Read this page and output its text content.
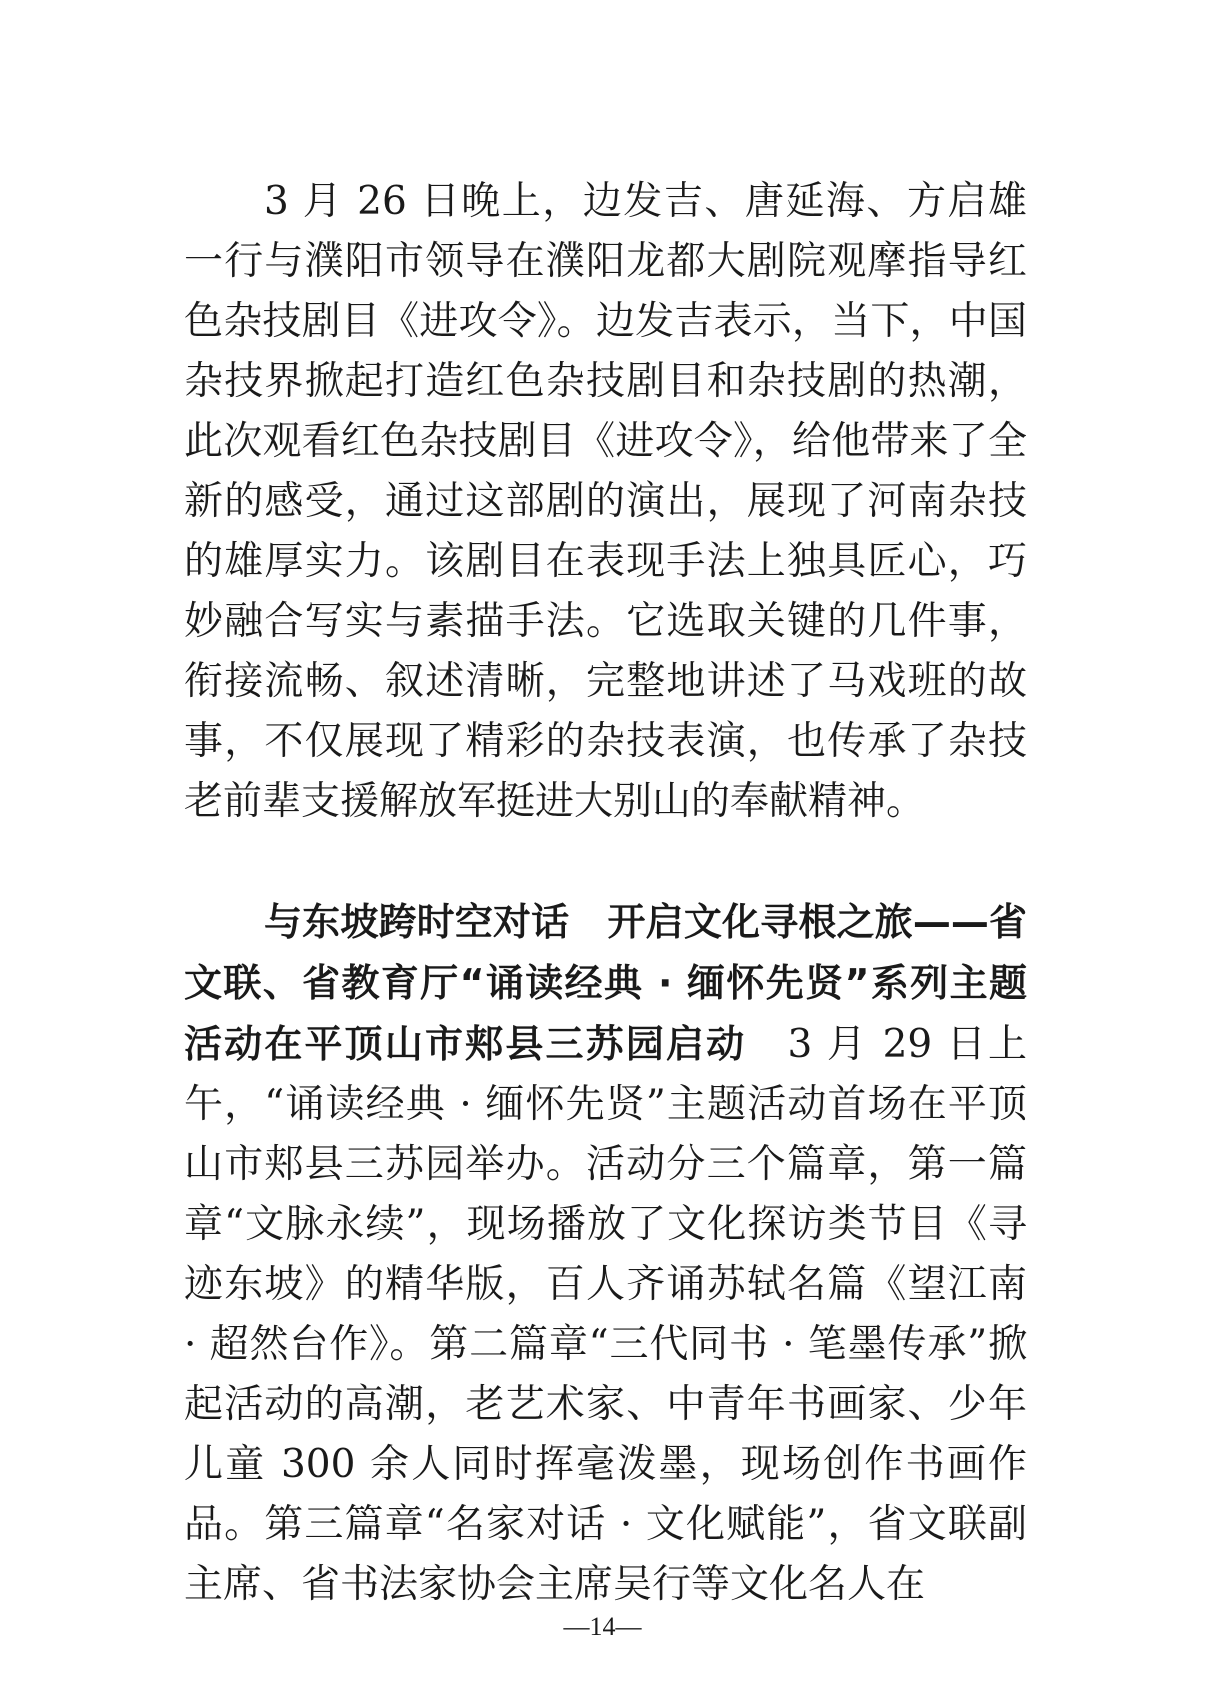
3 月 26 日晚上，边发吉、唐延海、方启雄一行与濮阳市领导在濮阳龙都大剧院观摩指导红色杂技剧目《进攻令》。边发吉表示，当下，中国杂技界掀起打造红色杂技剧目和杂技剧的热潮，此次观看红色杂技剧目《进攻令》，给他带来了全新的感受，通过这部剧的演出，展现了河南杂技的雄厚实力。该剧目在表现手法上独具匠心，巧妙融合写实与素描手法。它选取关键的几件事，衔接流畅、叙述清晰，完整地讲述了马戏班的故事，不仅展现了精彩的杂技表演，也传承了杂技老前辈支援解放军挺进大别山的奉献精神。

与东坡跨时空对话　开启文化寻根之旅——省文联、省教育厅“诵读经典 · 缅怀先贤”系列主题活动在平顶山市郏县三苏园启动　3 月 29 日上午，“诵读经典 · 缅怀先贤”主题活动首场在平顶山市郏县三苏园举办。活动分三个篇章，第一篇章“文脉永续”，现场播放了文化探访类节目《寻迹东坡》的精华版，百人齐诵苏轼名篇《望江南 · 超然台作》。第二篇章“三代同书 · 笔墨传承”掀起活动的高潮，老艺术家、中青年书画家、少年儿童 300 余人同时挥毫泼墨，现场创作书画作品。第三篇章“名家对话 · 文化赋能”，省文联副主席、省书法家协会主席吴行等文化名人在

—14—
